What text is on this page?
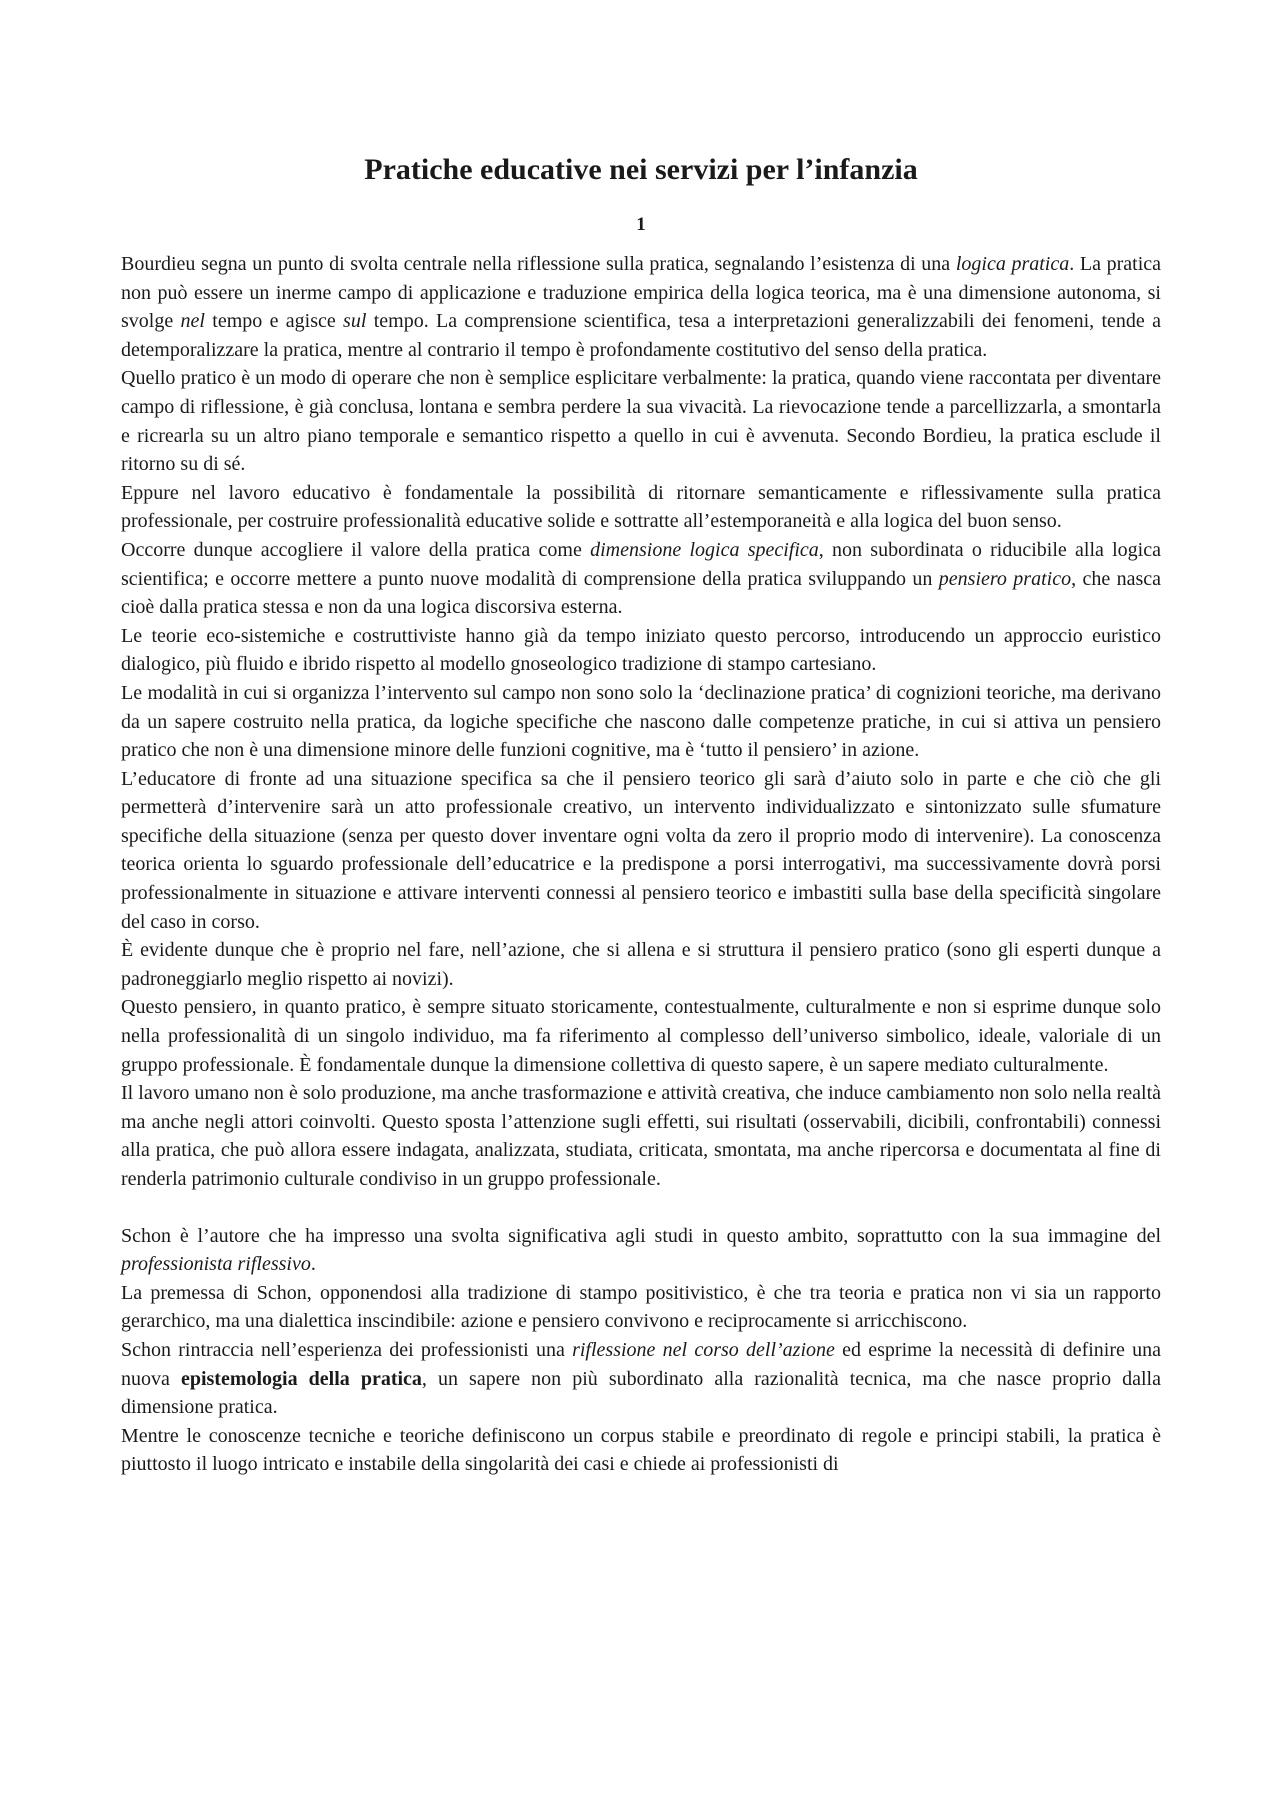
Pratiche educative nei servizi per l’infanzia
1

Bourdieu segna un punto di svolta centrale nella riflessione sulla pratica, segnalando l’esistenza di una logica pratica. La pratica non può essere un inerme campo di applicazione e traduzione empirica della logica teorica, ma è una dimensione autonoma, si svolge nel tempo e agisce sul tempo. La comprensione scientifica, tesa a interpretazioni generalizzabili dei fenomeni, tende a detemporalizzare la pratica, mentre al contrario il tempo è profondamente costitutivo del senso della pratica.

Quello pratico è un modo di operare che non è semplice esplicitare verbalmente: la pratica, quando viene raccontata per diventare campo di riflessione, è già conclusa, lontana e sembra perdere la sua vivacità. La rievocazione tende a parcellizzarla, a smontarla e ricrearla su un altro piano temporale e semantico rispetto a quello in cui è avvenuta. Secondo Bordieu, la pratica esclude il ritorno su di sé.

Eppure nel lavoro educativo è fondamentale la possibilità di ritornare semanticamente e riflessivamente sulla pratica professionale, per costruire professionalità educative solide e sottratte all’estemporaneità e alla logica del buon senso.

Occorre dunque accogliere il valore della pratica come dimensione logica specifica, non subordinata o riducibile alla logica scientifica; e occorre mettere a punto nuove modalità di comprensione della pratica sviluppando un pensiero pratico, che nasca cioè dalla pratica stessa e non da una logica discorsiva esterna.

Le teorie eco-sistemiche e costruttiviste hanno già da tempo iniziato questo percorso, introducendo un approccio euristico dialogico, più fluido e ibrido rispetto al modello gnoseologico tradizione di stampo cartesiano.

Le modalità in cui si organizza l’intervento sul campo non sono solo la ‘declinazione pratica’ di cognizioni teoriche, ma derivano da un sapere costruito nella pratica, da logiche specifiche che nascono dalle competenze pratiche, in cui si attiva un pensiero pratico che non è una dimensione minore delle funzioni cognitive, ma è ‘tutto il pensiero’ in azione.

L’educatore di fronte ad una situazione specifica sa che il pensiero teorico gli sarà d’aiuto solo in parte e che ciò che gli permetterà d’intervenire sarà un atto professionale creativo, un intervento individualizzato e sintonizzato sulle sfumature specifiche della situazione (senza per questo dover inventare ogni volta da zero il proprio modo di intervenire). La conoscenza teorica orienta lo sguardo professionale dell’educatrice e la predispone a porsi interrogativi, ma successivamente dovrà porsi professionalmente in situazione e attivare interventi connessi al pensiero teorico e imbastiti sulla base della specificità singolare del caso in corso.

È evidente dunque che è proprio nel fare, nell’azione, che si allena e si struttura il pensiero pratico (sono gli esperti dunque a padroneggiarlo meglio rispetto ai novizi).

Questo pensiero, in quanto pratico, è sempre situato storicamente, contestualmente, culturalmente e non si esprime dunque solo nella professionalità di un singolo individuo, ma fa riferimento al complesso dell’universo simbolico, ideale, valoriale di un gruppo professionale. È fondamentale dunque la dimensione collettiva di questo sapere, è un sapere mediato culturalmente.

Il lavoro umano non è solo produzione, ma anche trasformazione e attività creativa, che induce cambiamento non solo nella realtà ma anche negli attori coinvolti. Questo sposta l’attenzione sugli effetti, sui risultati (osservabili, dicibili, confrontabili) connessi alla pratica, che può allora essere indagata, analizzata, studiata, criticata, smontata, ma anche ripercorsa e documentata al fine di renderla patrimonio culturale condiviso in un gruppo professionale.

Schon è l’autore che ha impresso una svolta significativa agli studi in questo ambito, soprattutto con la sua immagine del professionista riflessivo.

La premessa di Schon, opponendosi alla tradizione di stampo positivistico, è che tra teoria e pratica non vi sia un rapporto gerarchico, ma una dialettica inscindibile: azione e pensiero convivono e reciprocamente si arricchiscono.

Schon rintraccia nell’esperienza dei professionisti una riflessione nel corso dell’azione ed esprime la necessità di definire una nuova epistemologia della pratica, un sapere non più subordinato alla razionalità tecnica, ma che nasce proprio dalla dimensione pratica.

Mentre le conoscenze tecniche e teoriche definiscono un corpus stabile e preordinato di regole e principi stabili, la pratica è piuttosto il luogo intricato e instabile della singolarità dei casi e chiede ai professionisti di
